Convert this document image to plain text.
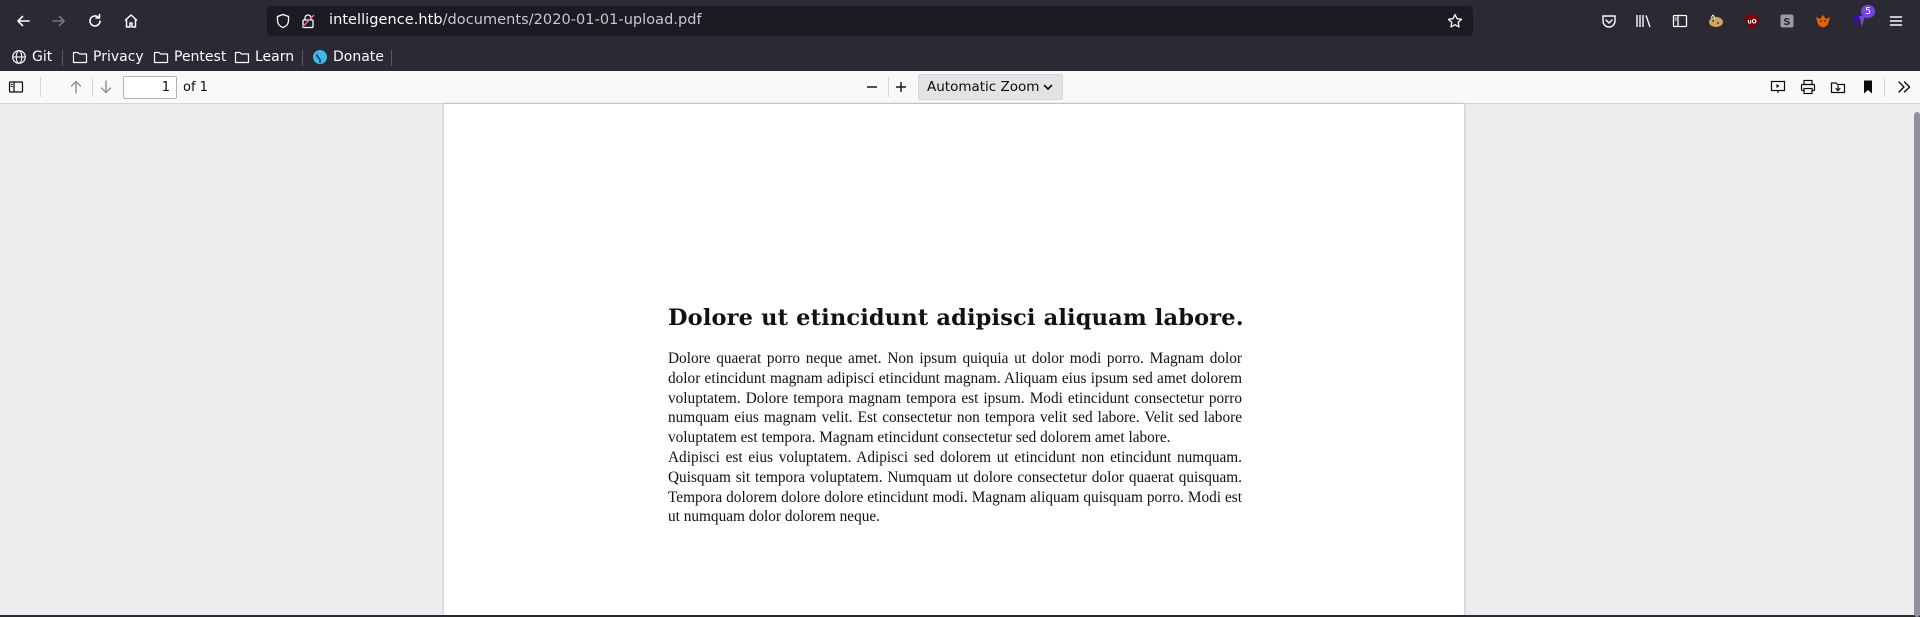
intelligence.htb/documents/2020-01-01-upload.pdf	uO	S
5
Git	Privacy Pentest Learn	Donate
1
of 1	Automatic Zoom
Dolore ut etincidunt adipisci aliquam labore.

Dolore quaerat porro neque amet. Non ipsum quiquia ut dolor modi porro. Magnam dolor dolor etincidunt magnam adipisci etincidunt magnam. Aliquam eius ipsum sed amet dolorem voluptatem. Dolore tempora magnam tempora est ipsum. Modi etincidunt consectetur porro numquam eius magnam velit. Est consectetur non tempora velit sed labore. Velit sed labore voluptatem est tempora. Magnam etincidunt consectetur sed dolorem amet labore.

Adipisci est eius voluptatem. Adipisci sed dolorem ut etincidunt non etincidunt numquam. Quisquam sit tempora voluptatem. Numquam ut dolore consectetur dolor quaerat quisquam. Tempora dolorem dolore dolore etincidunt modi. Magnam aliquam quisquam porro. Modi est ut numquam dolor dolorem neque.
